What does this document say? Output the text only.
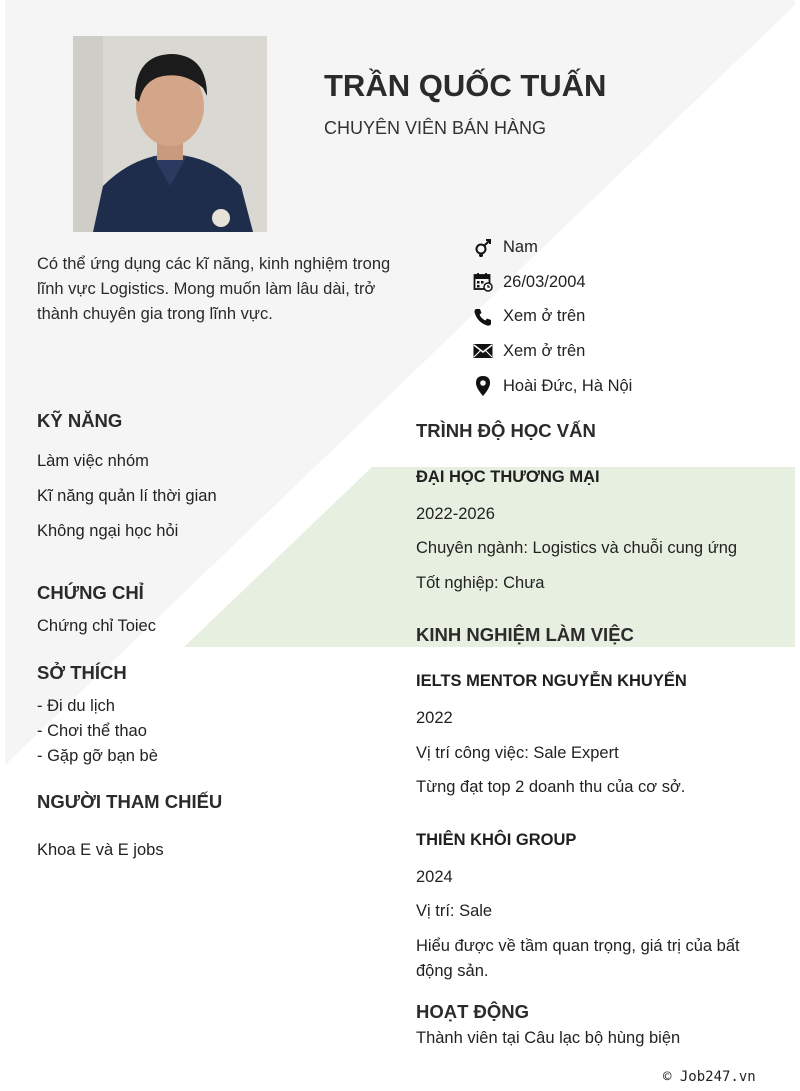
TRẦN QUỐC TUẤN
CHUYÊN VIÊN BÁN HÀNG
Có thể ứng dụng các kĩ năng, kinh nghiệm trong lĩnh vực Logistics. Mong muốn làm lâu dài, trở thành chuyên gia trong lĩnh vực.
Nam
26/03/2004
Xem ở trên
Xem ở trên
Hoài Đức, Hà Nội
KỸ NĂNG
Làm việc nhóm
Kĩ năng quản lí thời gian
Không ngại học hỏi
CHỨNG CHỈ
Chứng chỉ Toiec
SỞ THÍCH
- Đi du lịch
- Chơi thể thao
- Gặp gỡ bạn bè
NGƯỜI THAM CHIẾU
Khoa E và E jobs
TRÌNH ĐỘ HỌC VẤN
ĐẠI HỌC THƯƠNG MẠI
2022-2026
Chuyên ngành: Logistics và chuỗi cung ứng
Tốt nghiệp: Chưa
KINH NGHIỆM LÀM VIỆC
IELTS MENTOR NGUYỄN KHUYẾN
2022
Vị trí công việc: Sale Expert
Từng đạt top 2 doanh thu của cơ sở.
THIÊN KHÔI GROUP
2024
Vị trí: Sale
Hiểu được về tầm quan trọng, giá trị của bất động sản.
HOẠT ĐỘNG
Thành viên tại Câu lạc bộ hùng biện
© Job247.vn
